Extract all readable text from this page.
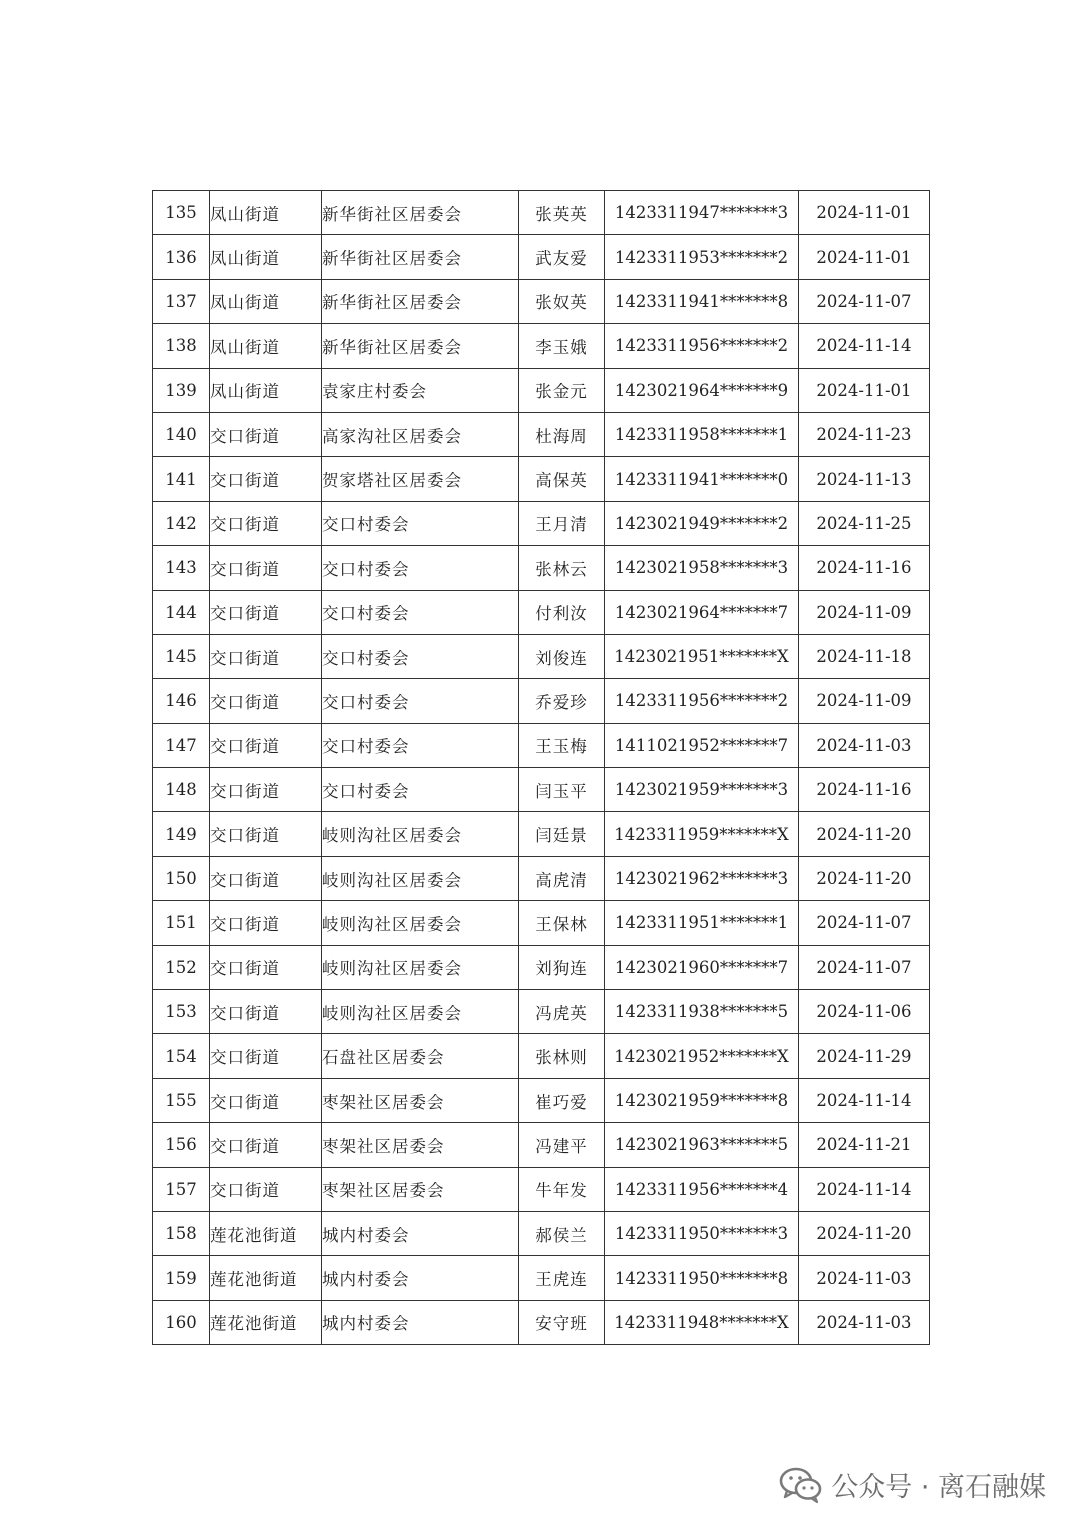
135	凤山街道	新华街社区居委会	张英英	1423311947*******3	2024-11-01
136	凤山街道	新华街社区居委会	武友爱	1423311953*******2	2024-11-01
137	凤山街道	新华街社区居委会	张奴英	1423311941*******8	2024-11-07
138	凤山街道	新华街社区居委会	李玉娥	1423311956*******2	2024-11-14
139	凤山街道	袁家庄村委会	张金元	1423021964*******9	2024-11-01
140	交口街道	高家沟社区居委会	杜海周	1423311958*******1	2024-11-23
141	交口街道	贺家塔社区居委会	高保英	1423311941*******0	2024-11-13
142	交口街道	交口村委会	王月清	1423021949*******2	2024-11-25
143	交口街道	交口村委会	张林云	1423021958*******3	2024-11-16
144	交口街道	交口村委会	付利汝	1423021964*******7	2024-11-09
145	交口街道	交口村委会	刘俊连	1423021951*******X	2024-11-18
146	交口街道	交口村委会	乔爱珍	1423311956*******2	2024-11-09
147	交口街道	交口村委会	王玉梅	1411021952*******7	2024-11-03
148	交口街道	交口村委会	闫玉平	1423021959*******3	2024-11-16
149	交口街道	岐则沟社区居委会	闫廷景	1423311959*******X	2024-11-20
150	交口街道	岐则沟社区居委会	高虎清	1423021962*******3	2024-11-20
151	交口街道	岐则沟社区居委会	王保林	1423311951*******1	2024-11-07
152	交口街道	岐则沟社区居委会	刘狗连	1423021960*******7	2024-11-07
153	交口街道	岐则沟社区居委会	冯虎英	1423311938*******5	2024-11-06
154	交口街道	石盘社区居委会	张林则	1423021952*******X	2024-11-29
155	交口街道	枣架社区居委会	崔巧爱	1423021959*******8	2024-11-14
156	交口街道	枣架社区居委会	冯建平	1423021963*******5	2024-11-21
157	交口街道	枣架社区居委会	牛年发	1423311956*******4	2024-11-14
158	莲花池街道	城内村委会	郝侯兰	1423311950*******3	2024-11-20
159	莲花池街道	城内村委会	王虎连	1423311950*******8	2024-11-03
160	莲花池街道	城内村委会	安守班	1423311948*******X	2024-11-03
公众号 · 离石融媒
